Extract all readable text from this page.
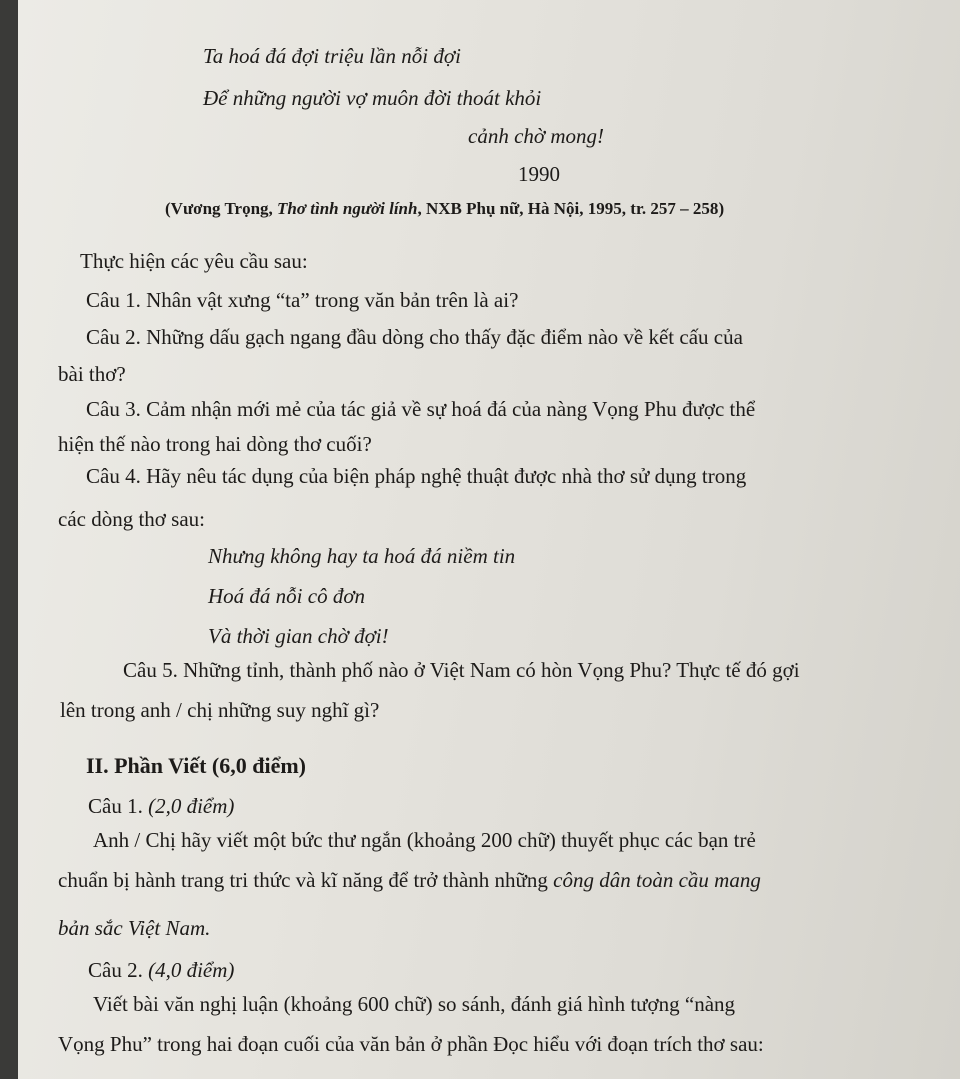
Ta hoá đá đợi triệu lần nỗi đợi
Để những người vợ muôn đời thoát khỏi
cảnh chờ mong!
1990
(Vương Trọng, Thơ tình người lính, NXB Phụ nữ, Hà Nội, 1995, tr. 257 – 258)
Thực hiện các yêu cầu sau:
Câu 1. Nhân vật xưng “ta” trong văn bản trên là ai?
Câu 2. Những dấu gạch ngang đầu dòng cho thấy đặc điểm nào về kết cấu của
bài thơ?
Câu 3. Cảm nhận mới mẻ của tác giả về sự hoá đá của nàng Vọng Phu được thể
hiện thế nào trong hai dòng thơ cuối?
Câu 4. Hãy nêu tác dụng của biện pháp nghệ thuật được nhà thơ sử dụng trong
các dòng thơ sau:
Nhưng không hay ta hoá đá niềm tin
Hoá đá nỗi cô đơn
Và thời gian chờ đợi!
Câu 5. Những tỉnh, thành phố nào ở Việt Nam có hòn Vọng Phu? Thực tế đó gợi
lên trong anh / chị những suy nghĩ gì?
II. Phần Viết (6,0 điểm)
Câu 1. (2,0 điểm)
Anh / Chị hãy viết một bức thư ngắn (khoảng 200 chữ) thuyết phục các bạn trẻ
chuẩn bị hành trang tri thức và kĩ năng để trở thành những công dân toàn cầu mang
bản sắc Việt Nam.
Câu 2. (4,0 điểm)
Viết bài văn nghị luận (khoảng 600 chữ) so sánh, đánh giá hình tượng “nàng
Vọng Phu” trong hai đoạn cuối của văn bản ở phần Đọc hiểu với đoạn trích thơ sau:
